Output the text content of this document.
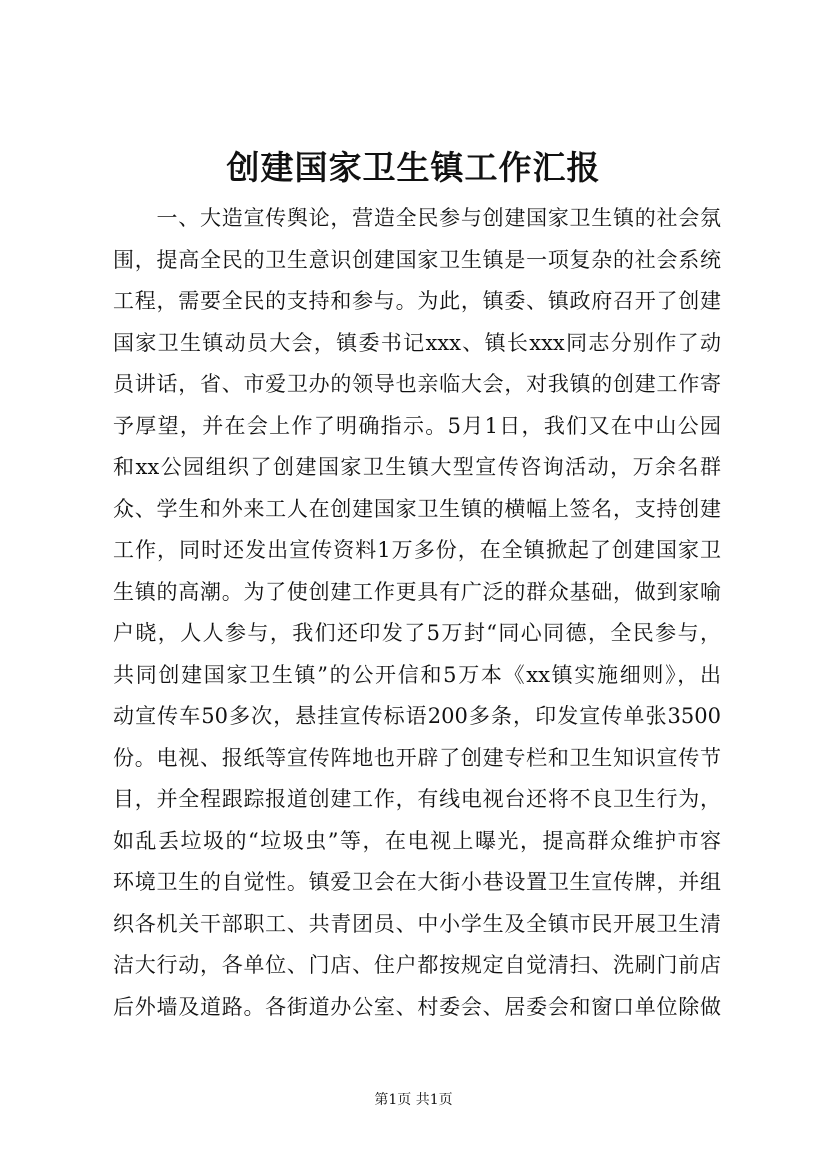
创建国家卫生镇工作汇报
　　一、大造宣传舆论，营造全民参与创建国家卫生镇的社会氛
围，提高全民的卫生意识创建国家卫生镇是一项复杂的社会系统
工程，需要全民的支持和参与。为此，镇委、镇政府召开了创建
国家卫生镇动员大会，镇委书记xxx、镇长xxx同志分别作了动
员讲话，省、市爱卫办的领导也亲临大会，对我镇的创建工作寄
予厚望，并在会上作了明确指示。5月1日，我们又在中山公园
和xx公园组织了创建国家卫生镇大型宣传咨询活动，万余名群
众、学生和外来工人在创建国家卫生镇的横幅上签名，支持创建
工作，同时还发出宣传资料1万多份，在全镇掀起了创建国家卫
生镇的高潮。为了使创建工作更具有广泛的群众基础，做到家喻
户晓，人人参与，我们还印发了5万封“同心同德，全民参与，
共同创建国家卫生镇”的公开信和5万本《xx镇实施细则》，出
动宣传车50多次，悬挂宣传标语200多条，印发宣传单张3500
份。电视、报纸等宣传阵地也开辟了创建专栏和卫生知识宣传节
目，并全程跟踪报道创建工作，有线电视台还将不良卫生行为，
如乱丢垃圾的“垃圾虫”等，在电视上曝光，提高群众维护市容
环境卫生的自觉性。镇爱卫会在大街小巷设置卫生宣传牌，并组
织各机关干部职工、共青团员、中小学生及全镇市民开展卫生清
洁大行动，各单位、门店、住户都按规定自觉清扫、洗刷门前店
后外墙及道路。各街道办公室、村委会、居委会和窗口单位除做
第1页 共1页
